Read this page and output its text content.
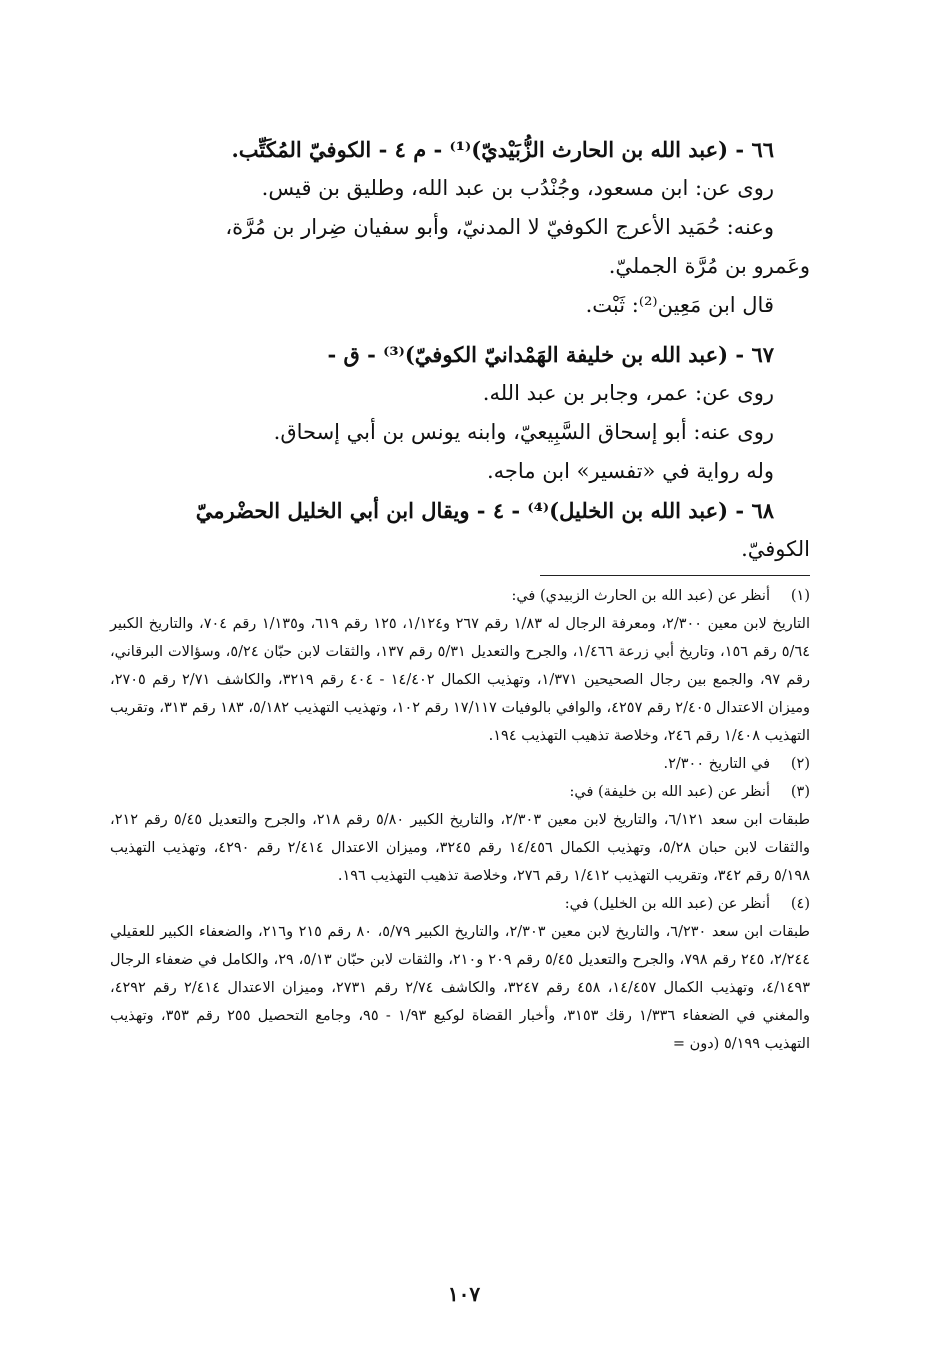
٦٦ - (عبد الله بن الحارث الزُّبَيْديّ)⁽¹⁾ - م ٤ - الكوفيّ المُكَتِّب.

روى عن: ابن مسعود، وجُنْدُب بن عبد الله، وطليق بن قيس.

وعنه: حُمَيد الأعرج الكوفيّ لا المدنيّ، وأبو سفيان ضِرار بن مُرَّة،

وعَمرو بن مُرَّة الجمليّ.

قال ابن مَعِين⁽²⁾: ثَبْت.

٦٧ - (عبد الله بن خليفة الهَمْدانيّ الكوفيّ)⁽³⁾ - ق -

روى عن: عمر، وجابر بن عبد الله.

روى عنه: أبو إسحاق السَّبِيعيّ، وابنه يونس بن أبي إسحاق.

وله رواية في «تفسير» ابن ماجه.

٦٨ - (عبد الله بن الخليل)⁽⁴⁾ - ٤ - ويقال ابن أبي الخليل الحضْرميّ

الكوفيّ.

(١)أنظر عن (عبد الله بن الحارث الزبيدي) في:

التاريخ لابن معين ٢/٣٠٠، ومعرفة الرجال له ١/٨٣ رقم ٢٦٧ و١/١٢٤، ١٢٥ رقم ٦١٩، و١/١٣٥ رقم ٧٠٤، والتاريخ الكبير ٥/٦٤ رقم ١٥٦، وتاريخ أبي زرعة ١/٤٦٦، والجرح والتعديل ٥/٣١ رقم ١٣٧، والثقات لابن حبّان ٥/٢٤، وسؤالات البرقاني، رقم ٩٧، والجمع بين رجال الصحيحين ١/٣٧١، وتهذيب الكمال ١٤/٤٠٢ - ٤٠٤ رقم ٣٢١٩، والكاشف ٢/٧١ رقم ٢٧٠٥، وميزان الاعتدال ٢/٤٠٥ رقم ٤٢٥٧، والوافي بالوفيات ١٧/١١٧ رقم ١٠٢، وتهذيب التهذيب ٥/١٨٢، ١٨٣ رقم ٣١٣، وتقريب التهذيب ١/٤٠٨ رقم ٢٤٦، وخلاصة تذهيب التهذيب ١٩٤.

(٢)في التاريخ ٢/٣٠٠.

(٣)أنظر عن (عبد الله بن خليفة) في:

طبقات ابن سعد ٦/١٢١، والتاريخ لابن معين ٢/٣٠٣، والتاريخ الكبير ٥/٨٠ رقم ٢١٨، والجرح والتعديل ٥/٤٥ رقم ٢١٢، والثقات لابن حبان ٥/٢٨، وتهذيب الكمال ١٤/٤٥٦ رقم ٣٢٤٥، وميزان الاعتدال ٢/٤١٤ رقم ٤٢٩٠، وتهذيب التهذيب ٥/١٩٨ رقم ٣٤٢، وتقريب التهذيب ١/٤١٢ رقم ٢٧٦، وخلاصة تذهيب التهذيب ١٩٦.

(٤)أنظر عن (عبد الله بن الخليل) في:

طبقات ابن سعد ٦/٢٣٠، والتاريخ لابن معين ٢/٣٠٣، والتاريخ الكبير ٥/٧٩، ٨٠ رقم ٢١٥ و٢١٦، والضعفاء الكبير للعقيلي ٢/٢٤٤، ٢٤٥ رقم ٧٩٨، والجرح والتعديل ٥/٤٥ رقم ٢٠٩ و٢١٠، والثقات لابن حبّان ٥/١٣، ٢٩، والكامل في ضعفاء الرجال ٤/١٤٩٣، وتهذيب الكمال ١٤/٤٥٧، ٤٥٨ رقم ٣٢٤٧، والكاشف ٢/٧٤ رقم ٢٧٣١، وميزان الاعتدال ٢/٤١٤ رقم ٤٢٩٢، والمغني في الضعفاء ١/٣٣٦ رقك ٣١٥٣، وأخبار القضاة لوكيع ١/٩٣ - ٩٥، وجامع التحصيل ٢٥٥ رقم ٣٥٣، وتهذيب التهذيب ٥/١٩٩ (دون =

١٠٧
